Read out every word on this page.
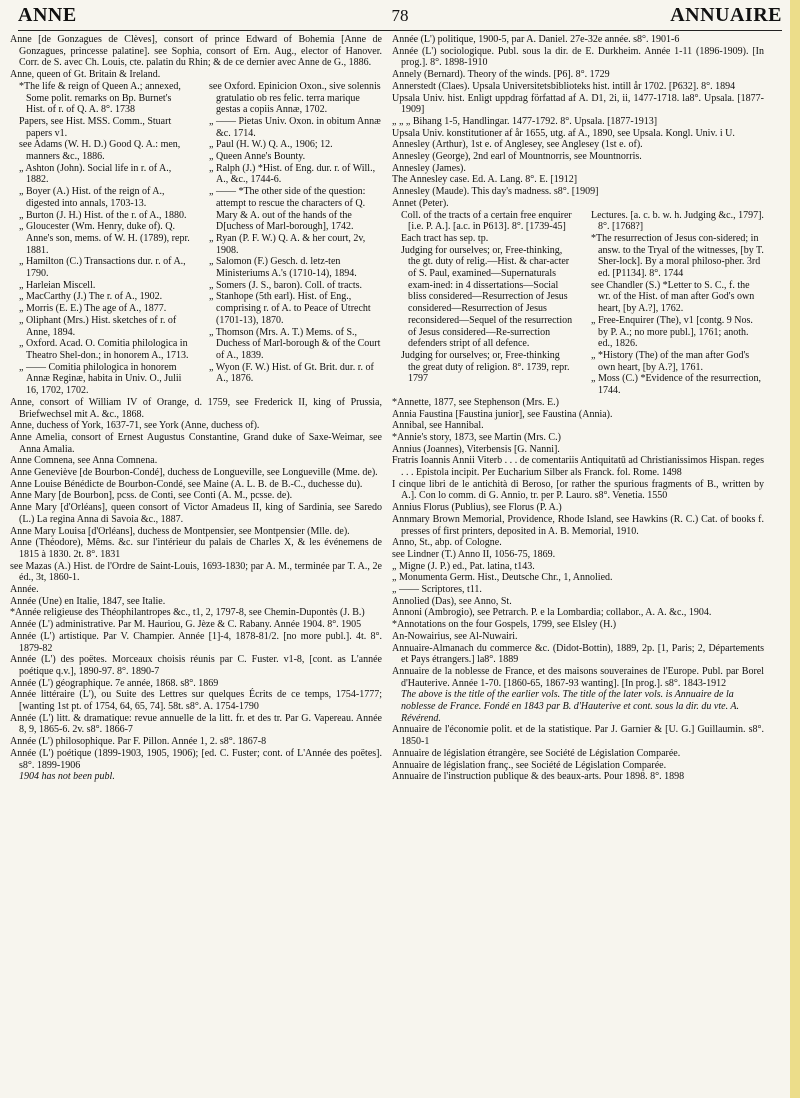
ANNE	78	ANNUAIRE

Anne [de Gonzagues de Clèves], consort of prince Edward of Bohemia [Anne de Gonzagues, princesse palatine]. see Sophia, consort of Ern. Aug., elector of Hanover. Corr. de S. avec Ch. Louis, cte. palatin du Rhin; & de ce dernier avec Anne de G., 1886.

Anne, queen of Gt. Britain & Ireland.

*The life & reign of Queen A.; annexed, Some polit. remarks on Bp. Burnet's Hist. of r. of Q. A. 8°. 1738

Papers, see Hist. MSS. Comm., Stuart papers v1.

see Adams (W. H. D.) Good Q. A.: men, manners &c., 1886.

„ Ashton (John). Social life in r. of A., 1882.

„ Boyer (A.) Hist. of the reign of A., digested into annals, 1703-13.

„ Burton (J. H.) Hist. of the r. of A., 1880.

„ Gloucester (Wm. Henry, duke of). Q. Anne's son, mems. of W. H. (1789), repr. 1881.

„ Hamilton (C.) Transactions dur. r. of A., 1790.

„ Harleian Miscell.

„ MacCarthy (J.) The r. of A., 1902.

„ Morris (E. E.) The age of A., 1877.

„ Oliphant (Mrs.) Hist. sketches of r. of Anne, 1894.

„ Oxford. Acad. O. Comitia philologica in Theatro Shel-don.; in honorem A., 1713.

„ —— Comitia philologica in honorem Annæ Reginæ, habita in Univ. O., Julii 16, 1702, 1702.

see Oxford. Epinicion Oxon., sive solennis gratulatio ob res felic. terra marique gestas a copiis Annæ, 1702.

„ —— Pietas Univ. Oxon. in obitum Annæ &c. 1714.

„ Paul (H. W.) Q. A., 1906; 12.

„ Queen Anne's Bounty.

„ Ralph (J.) *Hist. of Eng. dur. r. of Will., A., &c., 1744-6.

„ —— *The other side of the question: attempt to rescue the characters of Q. Mary & A. out of the hands of the D[uchess of Marl-borough], 1742.

„ Ryan (P. F. W.) Q. A. & her court, 2v, 1908.

„ Salomon (F.) Gesch. d. letz-ten Ministeriums A.'s (1710-14), 1894.

„ Somers (J. S., baron). Coll. of tracts.

„ Stanhope (5th earl). Hist. of Eng., comprising r. of A. to Peace of Utrecht (1701-13), 1870.

„ Thomson (Mrs. A. T.) Mems. of S., Duchess of Marl-borough & of the Court of A., 1839.

„ Wyon (F. W.) Hist. of Gt. Brit. dur. r. of A., 1876.

Anne, consort of William IV of Orange, d. 1759, see Frederick II, king of Prussia, Briefwechsel mit A. &c., 1868.

Anne, duchess of York, 1637-71, see York (Anne, duchess of).

Anne Amelia, consort of Ernest Augustus Constantine, Grand duke of Saxe-Weimar, see Anna Amalia.

Anne Comnena, see Anna Comnena.

Anne Geneviève [de Bourbon-Condé], duchess de Longueville, see Longueville (Mme. de).

Anne Louise Bénédicte de Bourbon-Condé, see Maine (A. L. B. de B.-C., duchesse du).

Anne Mary [de Bourbon], pcss. de Conti, see Conti (A. M., pcsse. de).

Anne Mary [d'Orléans], queen consort of Victor Amadeus II, king of Sardinia, see Saredo (L.) La regina Anna di Savoia &c., 1887.

Anne Mary Louisa [d'Orléans], duchess de Montpensier, see Montpensier (Mlle. de).

Anne (Théodore), Mêms. &c. sur l'intérieur du palais de Charles X, & les événemens de 1815 à 1830. 2t. 8°. 1831

see Mazas (A.) Hist. de l'Ordre de Saint-Louis, 1693-1830; par A. M., terminée par T. A., 2e éd., 3t, 1860-1.

Année.

Année (Une) en Italie, 1847, see Italie.

*Année religieuse des Théophilantropes &c., t1, 2, 1797-8, see Chemin-Dupontès (J. B.)

Année (L') administrative. Par M. Hauriou, G. Jèze & C. Rabany. Année 1904. 8°. 1905

Année (L') artistique. Par V. Champier. Année [1]-4, 1878-81/2. [no more publ.]. 4t. 8°. 1879-82

Année (L') des poëtes. Morceaux choisis réunis par C. Fuster. v1-8, [cont. as L'année poétique q.v.], 1890-97. 8°. 1890-7

Année (L') géographique. 7e année, 1868. s8°. 1869

Année littéraire (L'), ou Suite des Lettres sur quelques Écrits de ce temps, 1754-1777; [wanting 1st pt. of 1754, 64, 65, 74]. 58t. s8°. A. 1754-1790

Année (L') litt. & dramatique: revue annuelle de la litt. fr. et des tr. Par G. Vapereau. Année 8, 9, 1865-6. 2v. s8°. 1866-7

Année (L') philosophique. Par F. Pillon. Année 1, 2. s8°. 1867-8

Année (L') poétique (1899-1903, 1905, 1906); [ed. C. Fuster; cont. of L'Année des poëtes]. s8°. 1899-1906

1904 has not been publ.

Année (L') politique, 1900-5, par A. Daniel. 27e-32e année. s8°. 1901-6

Année (L') sociologique. Publ. sous la dir. de E. Durkheim. Année 1-11 (1896-1909). [In prog.]. 8°. 1898-1910

Annely (Bernard). Theory of the winds. [P6]. 8°. 1729

Annerstedt (Claes). Upsala Universitetsbiblioteks hist. intill år 1702. [P632]. 8°. 1894

Upsala Univ. hist. Enligt uppdrag författad af A. D1, 2i, ii, 1477-1718. la8°. Upsala. [1877-1909]

„ „ „ Bihang 1-5, Handlingar. 1477-1792. 8°. Upsala. [1877-1913]

Upsala Univ. konstitutioner af år 1655, utg. af A., 1890, see Upsala. Kongl. Univ. i U.

Annesley (Arthur), 1st e. of Anglesey, see Anglesey (1st e. of).

Annesley (George), 2nd earl of Mountnorris, see Mountnorris.

Annesley (James).

The Annesley case. Ed. A. Lang. 8°. E. [1912]

Annesley (Maude). This day's madness. s8°. [1909]

Annet (Peter).

Coll. of the tracts of a certain free enquirer [i.e. P. A.]. [a.c. in P613]. 8°. [1739-45]

Each tract has sep. tp.

Judging for ourselves; or, Free-thinking, the gt. duty of relig.—Hist. & char-acter of S. Paul, examined—Supernaturals exam-ined: in 4 dissertations—Social bliss considered—Resurrection of Jesus considered—Resurrection of Jesus reconsidered—Sequel of the resurrection of Jesus considered—Re-surrection defenders stript of all defence.

Judging for ourselves; or, Free-thinking the great duty of religion. 8°. 1739, repr. 1797

Lectures. [a. c. b. w. h. Judging &c., 1797]. 8°. [1768?]

*The resurrection of Jesus con-sidered; in answ. to the Tryal of the witnesses, [by T. Sher-lock]. By a moral philoso-pher. 3rd ed. [P1134]. 8°. 1744

see Chandler (S.) *Letter to S. C., f. the wr. of the Hist. of man after God's own heart, [by A.?], 1762.

„ Free-Enquirer (The), v1 [contg. 9 Nos. by P. A.; no more publ.], 1761; anoth. ed., 1826.

„ *History (The) of the man after God's own heart, [by A.?], 1761.

„ Moss (C.) *Evidence of the resurrection, 1744.

*Annette, 1877, see Stephenson (Mrs. E.)

Annia Faustina [Faustina junior], see Faustina (Annia).

Annibal, see Hannibal.

*Annie's story, 1873, see Martin (Mrs. C.)

Annius (Joannes), Viterbensis [G. Nanni].

Fratris Ioannis Annii Viterb . . . de comentariis Antiquitatū ad Christianissimos Hispan. reges . . . Epistola incipit. Per Eucharium Silber als Franck. fol. Rome. 1498

I cinque libri de le antichità di Beroso, [or rather the spurious fragments of B., written by A.]. Con lo comm. di G. Annio, tr. per P. Lauro. s8°. Venetia. 1550

Annius Florus (Publius), see Florus (P. A.)

Annmary Brown Memorial, Providence, Rhode Island, see Hawkins (R. C.) Cat. of books f. presses of first printers, deposited in A. B. Memorial, 1910.

Anno, St., abp. of Cologne.

see Lindner (T.) Anno II, 1056-75, 1869.

„ Migne (J. P.) ed., Pat. latina, t143.

„ Monumenta Germ. Hist., Deutsche Chr., 1, Annolied.

„ —— Scriptores, t11.

Annolied (Das), see Anno, St.

Annoni (Ambrogio), see Petrarch. P. e la Lombardia; collabor., A. A. &c., 1904.

*Annotations on the four Gospels, 1799, see Elsley (H.)

An-Nowairius, see Al-Nuwairi.

Annuaire-Almanach du commerce &c. (Didot-Bottin), 1889, 2p. [1, Paris; 2, Départements et Pays étrangers.] la8°. 1889

Annuaire de la noblesse de France, et des maisons souveraines de l'Europe. Publ. par Borel d'Hauterive. Année 1-70. [1860-65, 1867-93 wanting]. [In prog.]. s8°. 1843-1912

The above is the title of the earlier vols. The title of the later vols. is Annuaire de la noblesse de France. Fondé en 1843 par B. d'Hauterive et cont. sous la dir. du vte. A. Révérend.

Annuaire de l'économie polit. et de la statistique. Par J. Garnier & [U. G.] Guillaumin. s8°. 1850-1

Annuaire de législation étrangère, see Société de Législation Comparée.

Annuaire de législation franç., see Société de Législation Comparée.

Annuaire de l'instruction publique & des beaux-arts. Pour 1898. 8°. 1898
